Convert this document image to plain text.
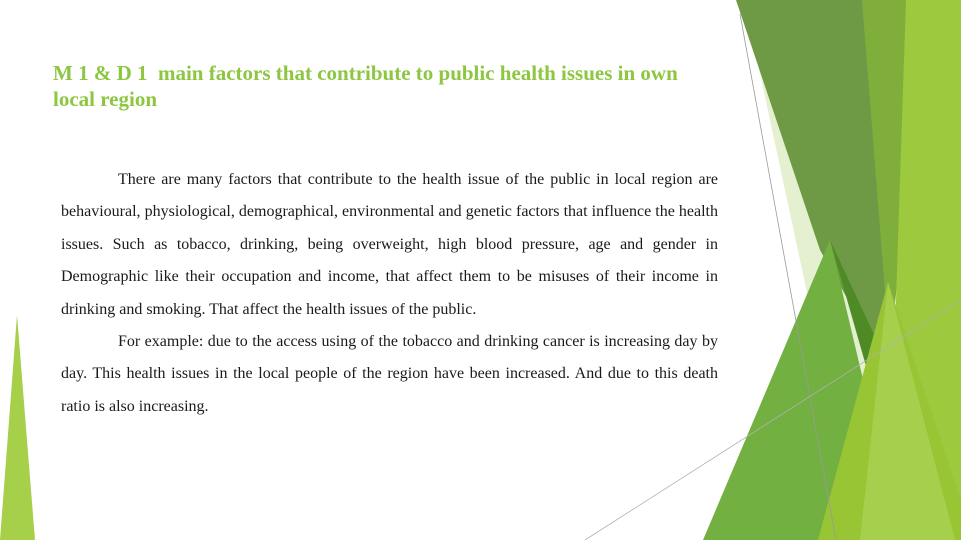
M 1 & D 1  main factors that contribute to public health issues in own local region

There are many factors that contribute to the health issue of the public in local region are behavioural, physiological, demographical, environmental and genetic factors that influence the health issues. Such as tobacco, drinking, being overweight, high blood pressure, age and gender in Demographic like their occupation and income, that affect them to be misuses of their income in drinking and smoking. That affect the health issues of the public.

For example: due to the access using of the tobacco and drinking cancer is increasing day by day. This health issues in the local people of the region have been increased. And due to this death ratio is also increasing.
